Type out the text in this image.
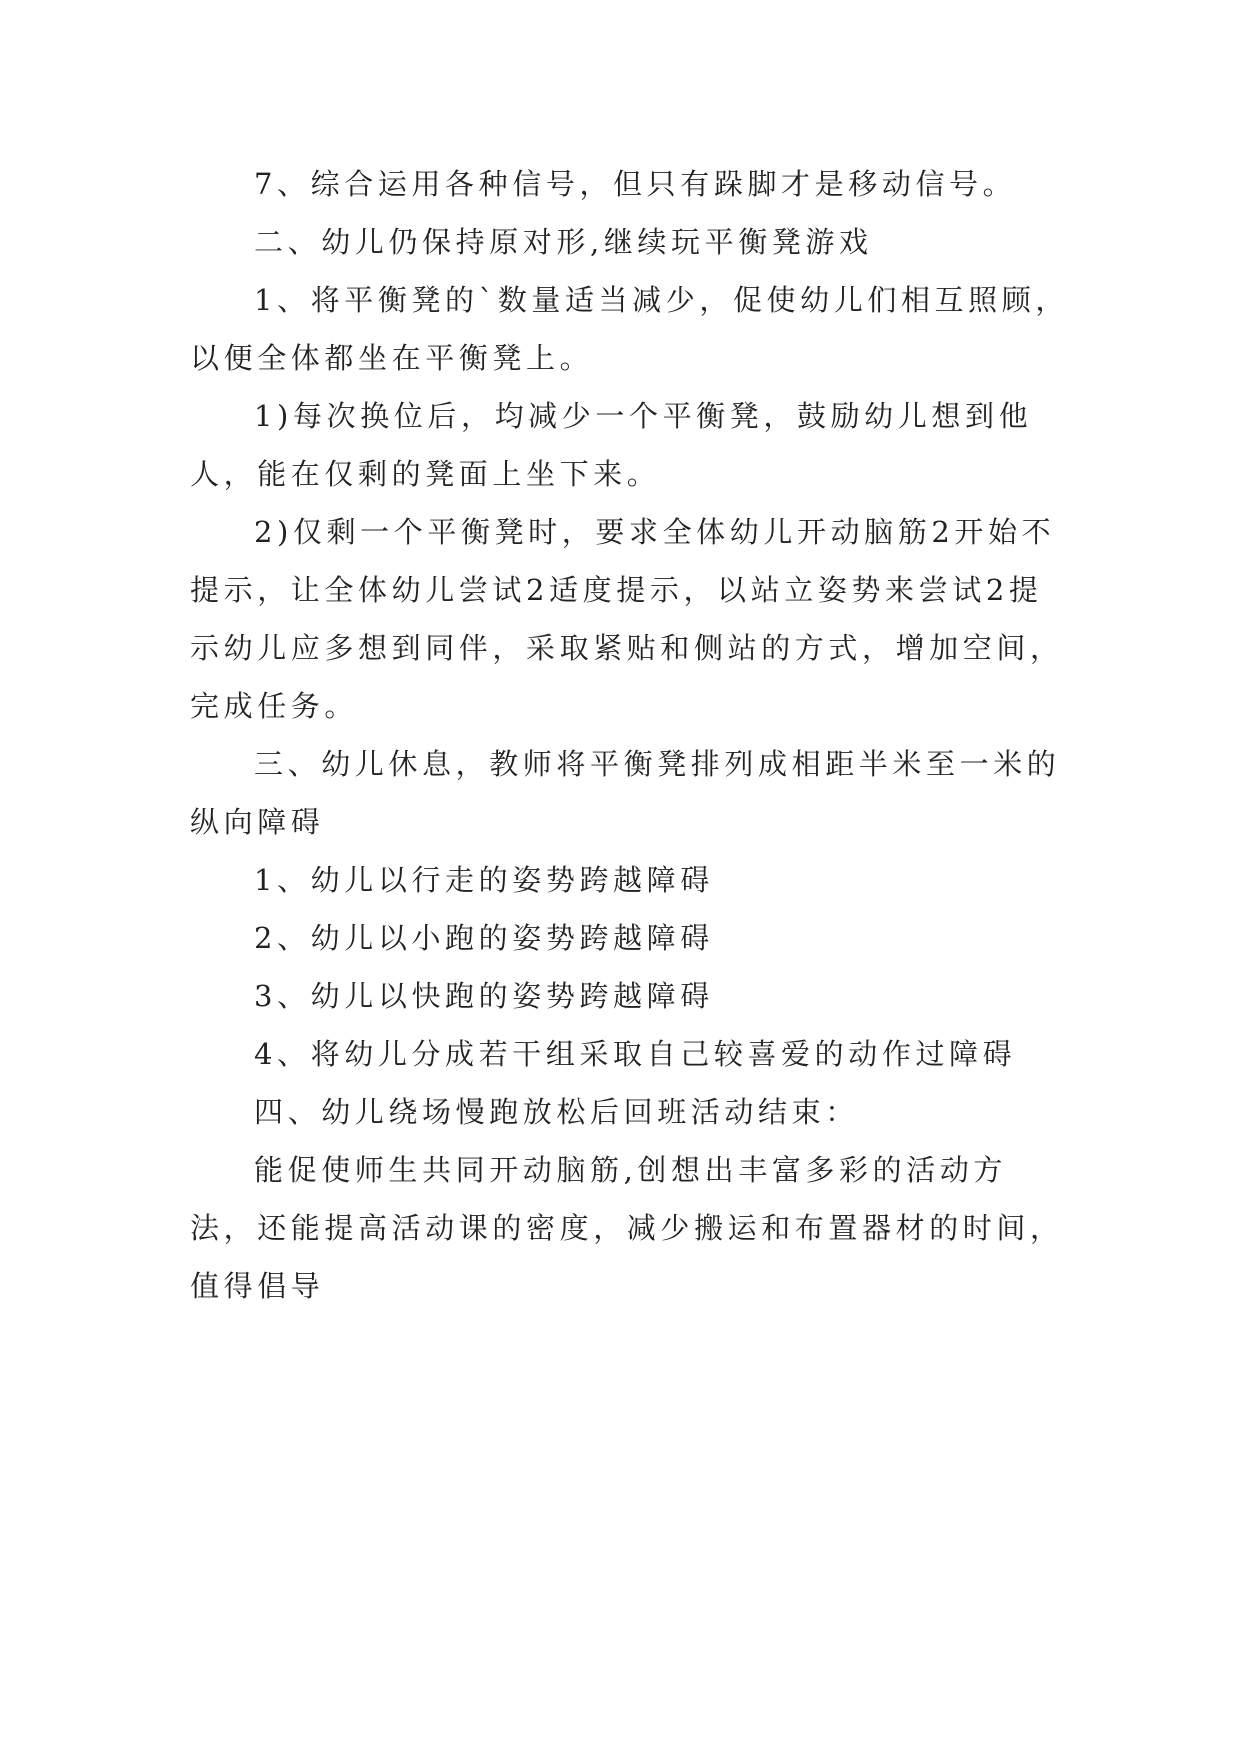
7、综合运用各种信号，但只有跺脚才是移动信号。

二、幼儿仍保持原对形,继续玩平衡凳游戏

1、将平衡凳的`数量适当减少，促使幼儿们相互照顾，以便全体都坐在平衡凳上。

1)每次换位后，均减少一个平衡凳，鼓励幼儿想到他人，能在仅剩的凳面上坐下来。

2)仅剩一个平衡凳时，要求全体幼儿开动脑筋2开始不提示，让全体幼儿尝试2适度提示，以站立姿势来尝试2提示幼儿应多想到同伴，采取紧贴和侧站的方式，增加空间，完成任务。

三、幼儿休息，教师将平衡凳排列成相距半米至一米的纵向障碍

1、幼儿以行走的姿势跨越障碍

2、幼儿以小跑的姿势跨越障碍

3、幼儿以快跑的姿势跨越障碍

4、将幼儿分成若干组采取自己较喜爱的动作过障碍

四、幼儿绕场慢跑放松后回班活动结束：

能促使师生共同开动脑筋,创想出丰富多彩的活动方法，还能提高活动课的密度，减少搬运和布置器材的时间，值得倡导
